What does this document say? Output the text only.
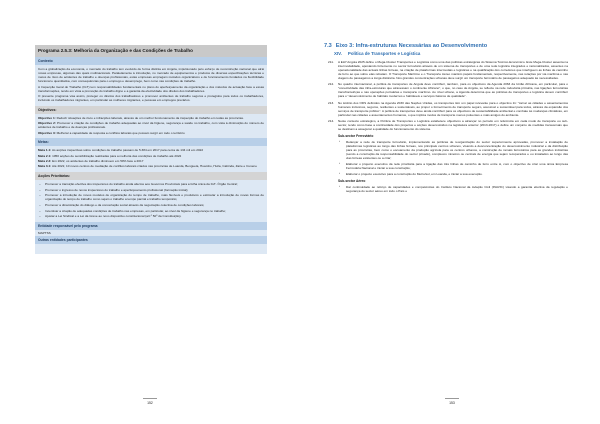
Programa 2.5.3: Melhoria da Organização e das Condições de Trabalho
Contexto

Com a globalização da economia, o mercado do trabalho tem evoluído de forma distinta em Angola, impulsionado pelo esforço de reconstrução nacional que atrai novas empresas, algumas das quais multinacionais. Paralelamente à introdução, no mercado de equipamentos e produtos de diversas especificações técnicas e meios de risco de acidentes de trabalho e doenças profissionais, estas empresas empregam métodos organizativos e de funcionamento fundados na flexibilidade funcional e quantitativa, com consequências para o emprego e desemprego, bem como nas condições de trabalho.

A Inspecção Geral do Trabalho (IGT) tem responsabilidades fundamentais no plano do aperfeiçoamento da organização e dos métodos de actuação face a essas transformações, tendo em vista a promoção do trabalho digno e a garantia da efectividade dos direitos dos trabalhadores.

O presente programa visa assim, proteger os direitos dos trabalhadores e promover ambientes de trabalho seguros e protegidos para todos os trabalhadores, incluindo os trabalhadores migrantes, em particular as mulheres migrantes, e pessoas em empregos precários.

Objectivos:

Objectivo 1: Reduzir situações de risco e infracções laborais, através de um melhor funcionamento da inspecção do trabalho em todas as províncias.

Objectivo 2: Promover a criação de condições de trabalho adequadas ao nível da higiene, segurança e saúde no trabalho, com vista à diminuição do número de acidentes de trabalho e de doenças profissionais.

Objectivo 3: Melhorar a capacidade de resposta a conflitos laborais que possam surgir em todo o território

Metas:

Meta 1.1: As acções inspectivas sobre condições de trabalho passam de 5.384 em 2017 para cerca de 134 mil em 2022

Meta 2.1: 1050 acções de sensibilização realizadas para a melhoria das condições de trabalho até 2022

Meta 2.2: Em 2022, os acidentes de trabalho diminuem em 50% face a 2017

Meta 3.1: Até 2022, 10 novos centros de mediação de conflitos laborais criados nas províncias de Luanda, Benguela, Huambo, Huíla, Cabinda, Zaire e Cunene

Acções Prioritárias:
– Promover a transição efectiva dos inspectores do trabalho ainda afectos aos Governos Provinciais para a folha única da IGT- Órgão Central;
– Promover o ingresso de novos inspectores do trabalho e aperfeiçoamento profissional (formação inicial);
– Promover a introdução de novos modelos de organização do tempo de trabalho, mais flexíveis e produtivos e estimular a introdução de novas formas de organização do tempo de trabalho como sejam o trabalho a tempo parcial e trabalho temporário;
– Promover a dinamização do diálogo e da concertação social através da negociação colectiva de condições laborais;
– Incentivar a criação de adequadas condições de trabalho nas empresas, em particular, ao nível da higiene e segurança no trabalho;
– Ajustar a Lei Sindical e a Lei da Greve ao novo dispositivo constitucional (art.º 50º da Constituição).
Entidade responsável pelo programa
MAPTSS
Outras entidades participantes
152
7.3 Eixo 3: Infra-estruturas Necessárias ao Desenvolvimento
XIV. Política de Transportes e Logística
211. A ELP Angola 2025 define o Mega-Cluster Transportes e Logística como uma das políticas estratégicas do Sistema Técnico-Económico. Este Mega-Cluster assenta na intermodalidade, apostando fortemente no sector ferroviário através de um sistema de transportes e de uma rede logística integrados e racionalizados, assentes na operacionalidade das actuais linhas férreas, na criação de plataformas intermodais e logísticas e na qualificação dos corredores que interliguem as linhas de caminho de ferro ao que sobre elas rebatam. O Transporte Marítimo e o Transporte Aéreo mantêm papéis fundamentais, respectivamente, nas relações por via marítima e nas viagens de passageiros a longa distância. Nos grandes concentrações urbanas deve surgir um transporte ferroviário de passageiros adequado às necessidades.
212. No quadro internacional, a política de transportes de Angola deve contribuir, também, para os objectivos da Agenda 2063 da União Africana, em particular, para o "conectividade das infra-estruturas que atravessam o continente Africano", o que, no caso de Angola, se reflecte na rede rodoviária primária, nas ligações ferroviárias transfronteiriças e nas operações portuárias e transporte marítimo. Ao nível urbano, a Agenda determina que as políticas de transportes e logística devem contribuir para o "desenvolvimento de habitats modernos e habitáveis e serviços básicos de qualidade".
213. No âmbito dos ODS definidos na Agenda 2030 das Nações Unidas, os transportes têm um papel relevante para o objectivo 11: "tornar as cidades e assentamentos humanos inclusivos, seguros, resilientes e sustentáveis, ao propor o fornecimento de transporte seguro, acessível e sustentável para todos, através da expansão dos serviços de transporte público". A política de transportes deve ainda contribuir para os objectivos de sustentabilidade ambiental e combate às mudanças climáticas, em particular nas cidades e assentamentos humanos, o que implica modos de transporte menos poluentes e mais amigos do ambiente.
214. Neste contexto estratégico, a Política de Transportes e Logística estabelece objectivos a alcançar no período em referência em cada modo de transporte ou sub-sector, tendo como base a continuidade dos projectos e acções desenvolvidos na legislatura anterior (2013-2017) e define um conjunto de medidas transversais que se destinam a assegurar a qualidade do funcionamento do sistema.
Sub-sector Ferroviário
▪ Relançar a rede de transporte ferroviário, implementando as políticas de reorganização do sector superiormente aprovadas, promover a instalação de plataformas logísticas ao longo das linhas férreas, nos principais centros urbanos, visando a desconcentração do desenvolvimento industrial e da distribuição para as províncias, bem como o escoamento da produção agrícola para os centros urbanos, a construção de ramais ferroviários para as grandes indústrias (sendo a construção da responsabilidade do sector privado), complexos mineiros ou centrais de energia que sejam recuperados e ou instalados ao longo das vias férreas existentes ou a criar;
▪ Elaborar o projecto executivo da rede prioritária para a ligação das três linhas de caminho de ferro entre si, com o objectivo de criar uma única Empresa Ferroviária Nacional e iniciar a sua construção;
▪ Elaborar o projecto executivo para a construção do Metro/sul, em Luanda, e iniciar a sua execução.
Sub-sector Aéreo
▪ Dar continuidade ao reforço de capacidades e competências do Instituto Nacional da Aviação Civil (INAVIC) visando a garantia efectiva da regulação e segurança do sector aéreo em todo o País e
153
